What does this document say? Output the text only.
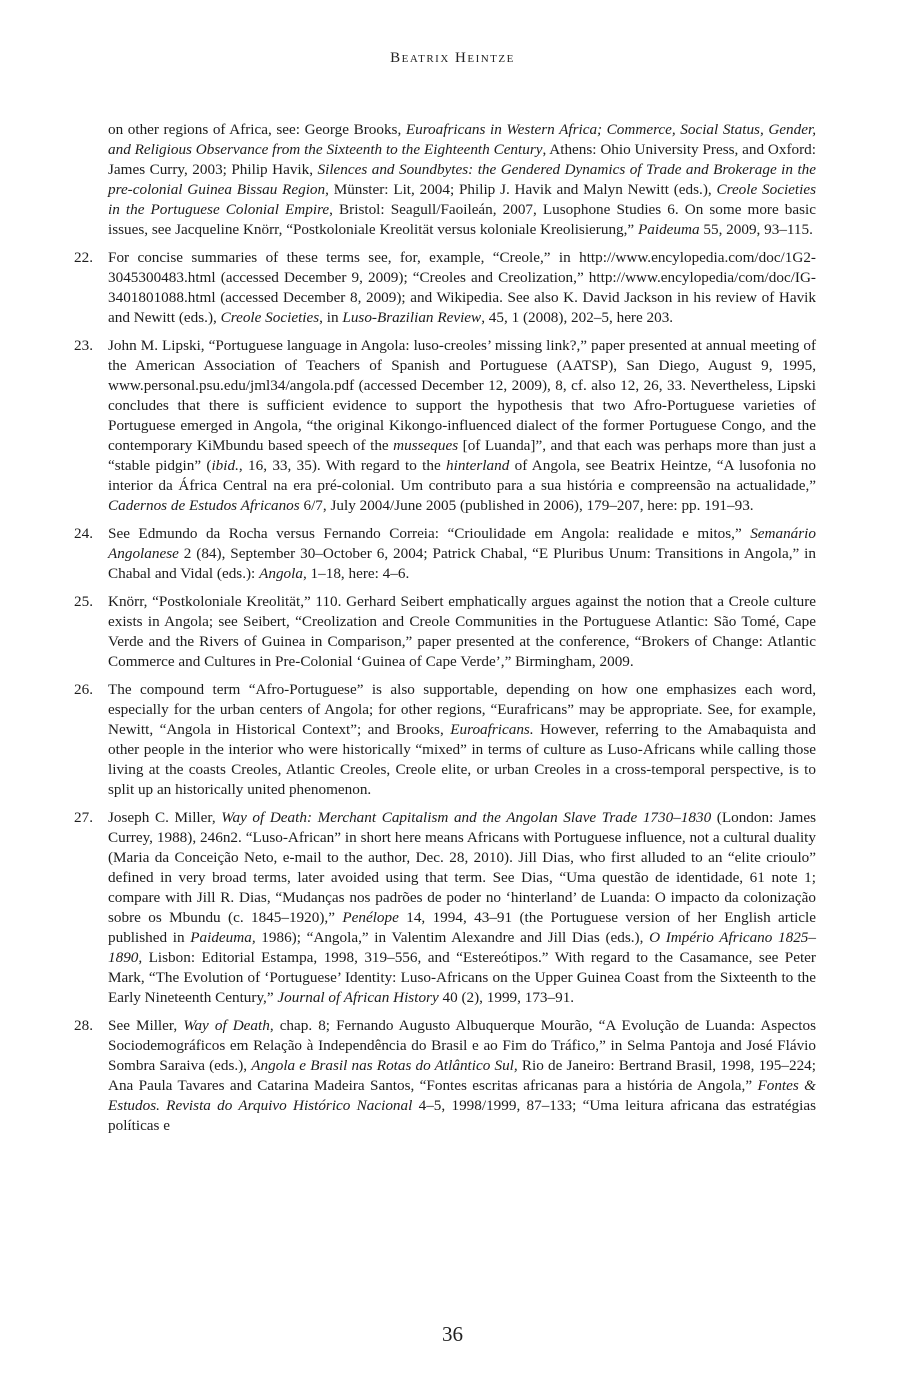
Beatrix Heintze

on other regions of Africa, see: George Brooks, Euroafricans in Western Africa; Commerce, Social Status, Gender, and Religious Observance from the Sixteenth to the Eighteenth Century, Athens: Ohio University Press, and Oxford: James Curry, 2003; Philip Havik, Silences and Soundbytes: the Gendered Dynamics of Trade and Brokerage in the pre-colonial Guinea Bissau Region, Münster: Lit, 2004; Philip J. Havik and Malyn Newitt (eds.), Creole Societies in the Portuguese Colonial Empire, Bristol: Seagull/Faoileán, 2007, Lusophone Studies 6. On some more basic issues, see Jacqueline Knörr, “Postkoloniale Kreolität versus koloniale Kreolisierung,” Paideuma 55, 2009, 93–115.

22. For concise summaries of these terms see, for, example, “Creole,” in http://www.encylopedia.com/doc/1G2-3045300483.html (accessed December 9, 2009); “Creoles and Creolization,” http://www.encylopedia/com/doc/IG-3401801088.html (accessed December 8, 2009); and Wikipedia. See also K. David Jackson in his review of Havik and Newitt (eds.), Creole Societies, in Luso-Brazilian Review, 45, 1 (2008), 202–5, here 203.

23. John M. Lipski, “Portuguese language in Angola: luso-creoles’ missing link?,” paper presented at annual meeting of the American Association of Teachers of Spanish and Portuguese (AATSP), San Diego, August 9, 1995, www.personal.psu.edu/jml34/angola.pdf (accessed December 12, 2009), 8, cf. also 12, 26, 33. Nevertheless, Lipski concludes that there is sufficient evidence to support the hypothesis that two Afro-Portuguese varieties of Portuguese emerged in Angola, “the original Kikongo-influenced dialect of the former Portuguese Congo, and the contemporary KiMbundu based speech of the musseques [of Luanda]”, and that each was perhaps more than just a “stable pidgin” (ibid., 16, 33, 35). With regard to the hinterland of Angola, see Beatrix Heintze, “A lusofonia no interior da África Central na era pré-colonial. Um contributo para a sua história e compreensão na actualidade,” Cadernos de Estudos Africanos 6/7, July 2004/June 2005 (published in 2006), 179–207, here: pp. 191–93.

24. See Edmundo da Rocha versus Fernando Correia: “Crioulidade em Angola: realidade e mitos,” Semanário Angolanese 2 (84), September 30–October 6, 2004; Patrick Chabal, “E Pluribus Unum: Transitions in Angola,” in Chabal and Vidal (eds.): Angola, 1–18, here: 4–6.

25. Knörr, “Postkoloniale Kreolität,” 110. Gerhard Seibert emphatically argues against the notion that a Creole culture exists in Angola; see Seibert, “Creolization and Creole Communities in the Portuguese Atlantic: São Tomé, Cape Verde and the Rivers of Guinea in Comparison,” paper presented at the conference, “Brokers of Change: Atlantic Commerce and Cultures in Pre-Colonial ‘Guinea of Cape Verde’,” Birmingham, 2009.

26. The compound term “Afro-Portuguese” is also supportable, depending on how one emphasizes each word, especially for the urban centers of Angola; for other regions, “Eurafricans” may be appropriate. See, for example, Newitt, “Angola in Historical Context”; and Brooks, Euroafricans. However, referring to the Amabaquista and other people in the interior who were historically “mixed” in terms of culture as Luso-Africans while calling those living at the coasts Creoles, Atlantic Creoles, Creole elite, or urban Creoles in a cross-temporal perspective, is to split up an historically united phenomenon.

27. Joseph C. Miller, Way of Death: Merchant Capitalism and the Angolan Slave Trade 1730–1830 (London: James Currey, 1988), 246n2. “Luso-African” in short here means Africans with Portuguese influence, not a cultural duality (Maria da Conceição Neto, e-mail to the author, Dec. 28, 2010). Jill Dias, who first alluded to an “elite crioulo” defined in very broad terms, later avoided using that term. See Dias, “Uma questão de identidade, 61 note 1; compare with Jill R. Dias, “Mudanças nos padrões de poder no ‘hinterland’ de Luanda: O impacto da colonização sobre os Mbundu (c. 1845–1920),” Penélope 14, 1994, 43–91 (the Portuguese version of her English article published in Paideuma, 1986); “Angola,” in Valentim Alexandre and Jill Dias (eds.), O Império Africano 1825–1890, Lisbon: Editorial Estampa, 1998, 319–556, and “Estereótipos.” With regard to the Casamance, see Peter Mark, “The Evolution of ‘Portuguese’ Identity: Luso-Africans on the Upper Guinea Coast from the Sixteenth to the Early Nineteenth Century,” Journal of African History 40 (2), 1999, 173–91.

28. See Miller, Way of Death, chap. 8; Fernando Augusto Albuquerque Mourão, “A Evolução de Luanda: Aspectos Sociodemográficos em Relação à Independência do Brasil e ao Fim do Tráfico,” in Selma Pantoja and José Flávio Sombra Saraiva (eds.), Angola e Brasil nas Rotas do Atlântico Sul, Rio de Janeiro: Bertrand Brasil, 1998, 195–224; Ana Paula Tavares and Catarina Madeira Santos, “Fontes escritas africanas para a história de Angola,” Fontes & Estudos. Revista do Arquivo Histórico Nacional 4–5, 1998/1999, 87–133; “Uma leitura africana das estratégias políticas e

36
